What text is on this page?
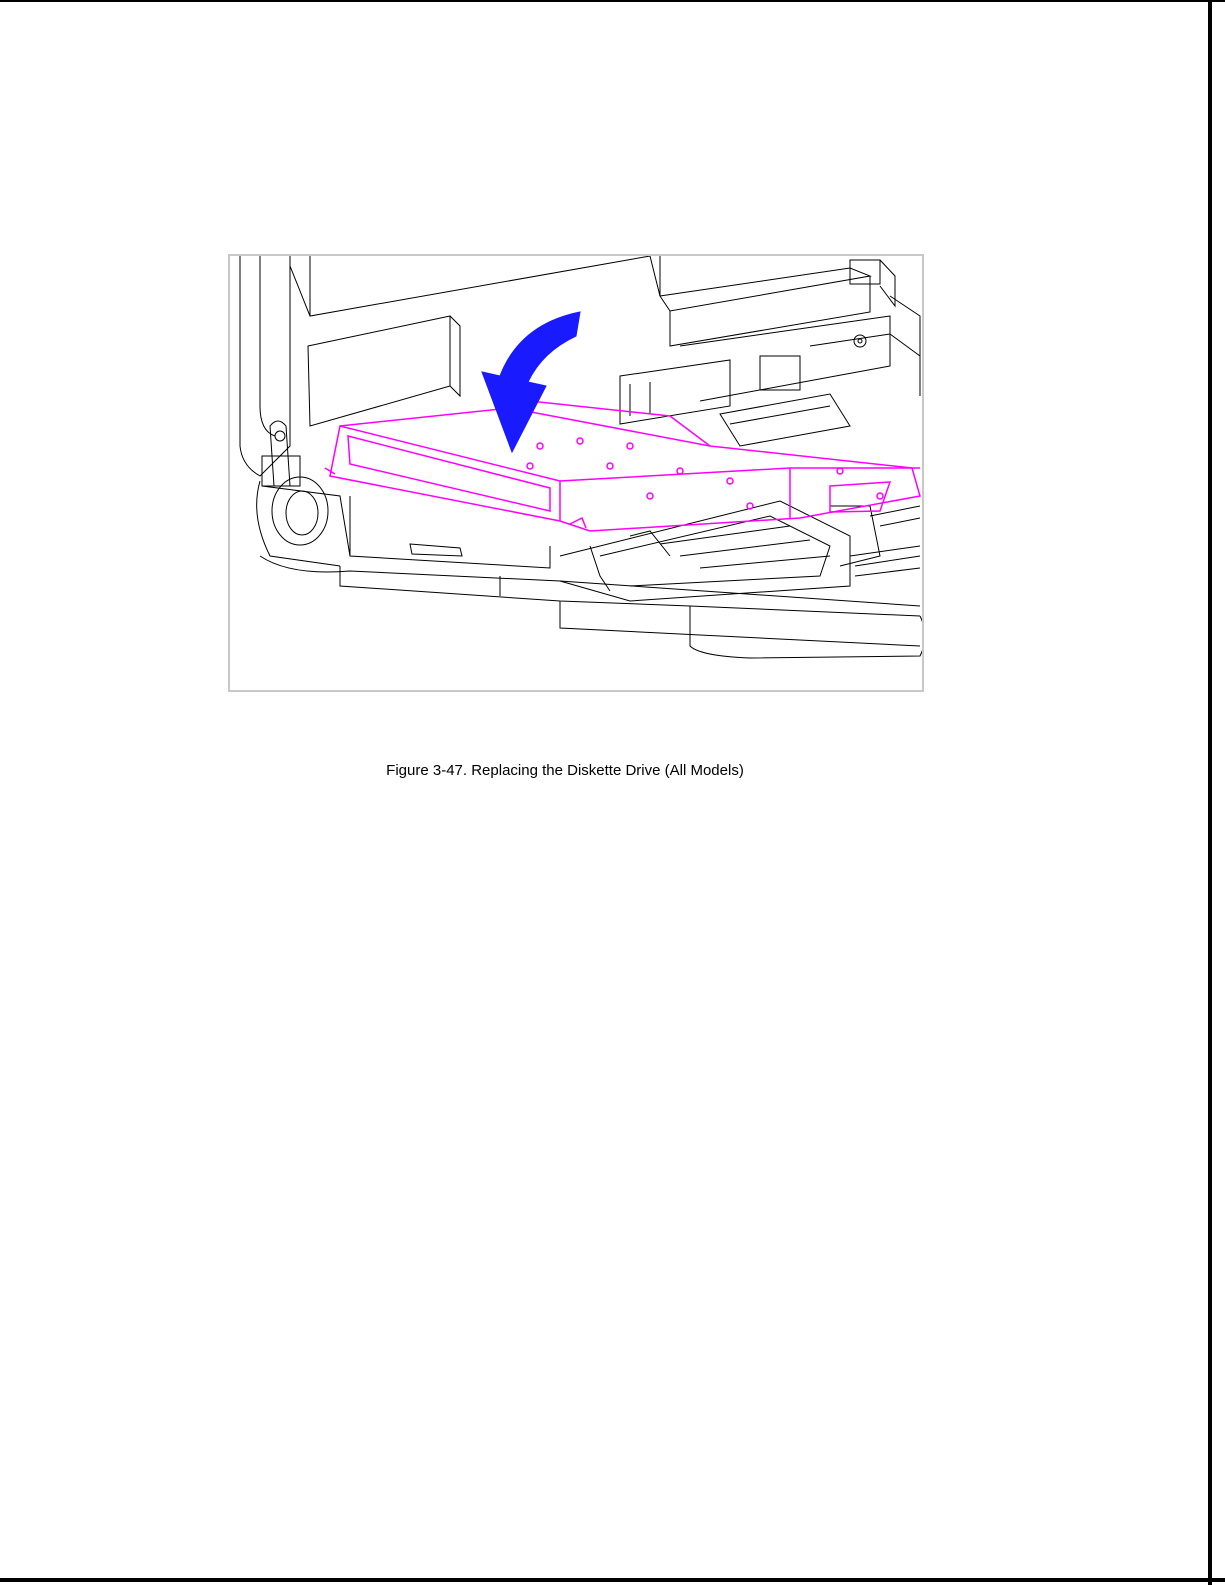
Figure 3-47. Replacing the Diskette Drive (All Models)
